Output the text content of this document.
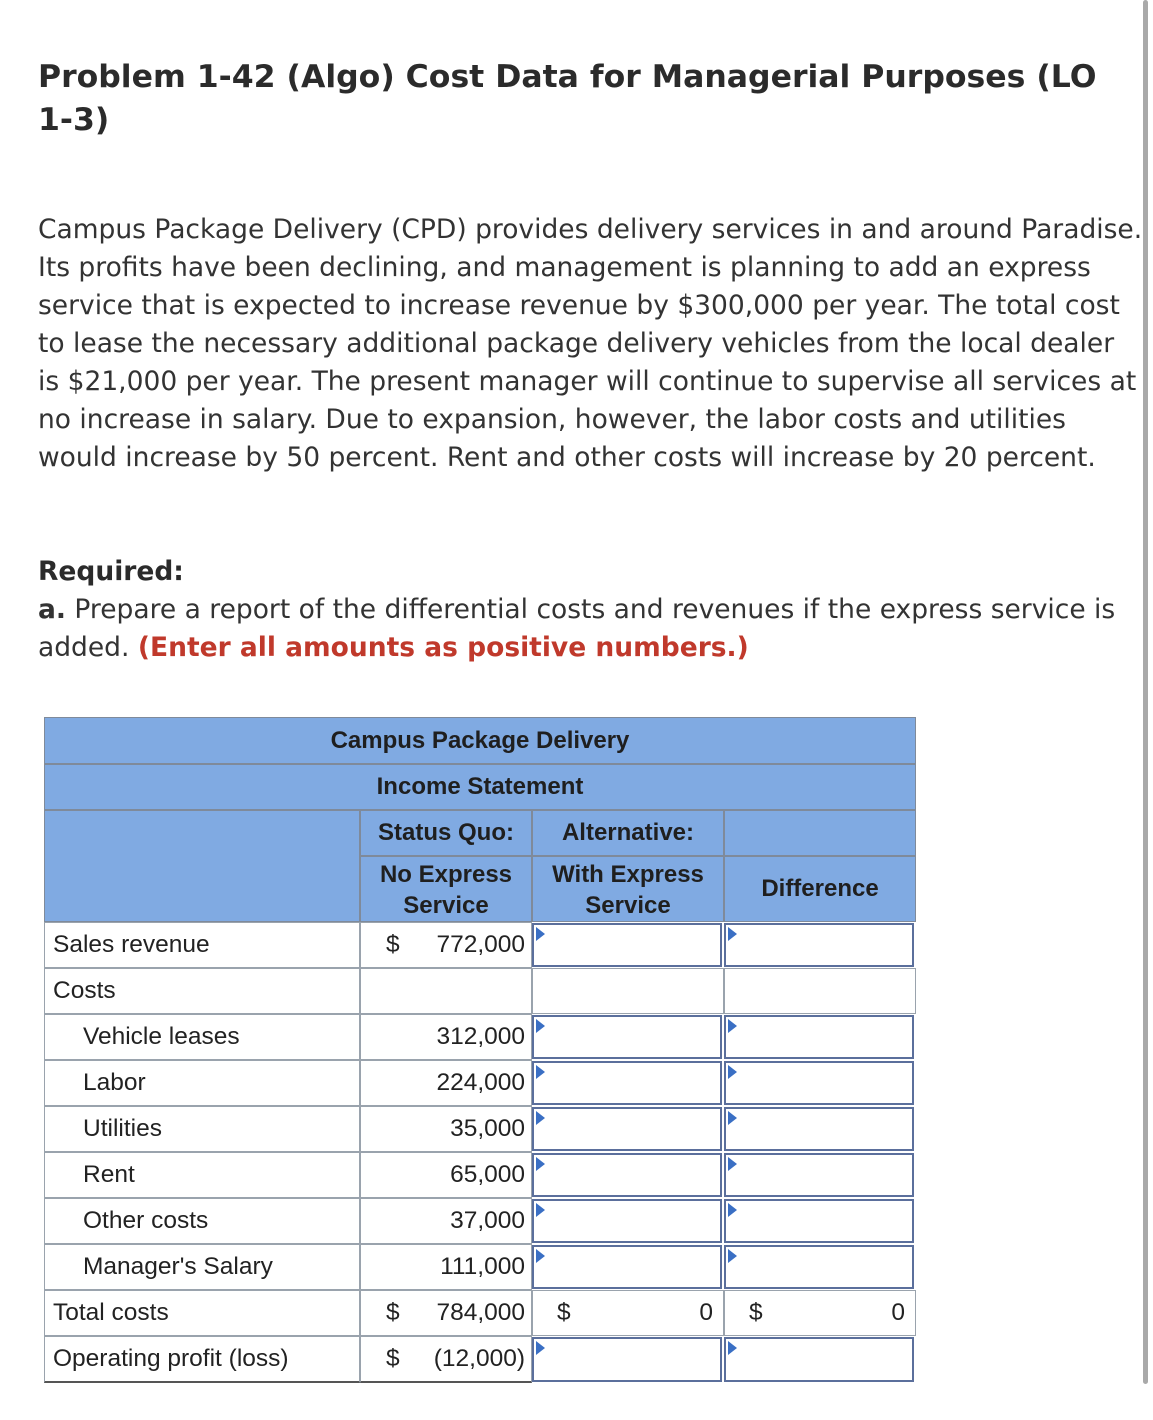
Problem 1-42 (Algo) Cost Data for Managerial Purposes (LO 1-3)

Campus Package Delivery (CPD) provides delivery services in and around Paradise. Its profits have been declining, and management is planning to add an express service that is expected to increase revenue by $300,000 per year. The total cost to lease the necessary additional package delivery vehicles from the local dealer is $21,000 per year. The present manager will continue to supervise all services at no increase in salary. Due to expansion, however, the labor costs and utilities would increase by 50 percent. Rent and other costs will increase by 20 percent.

Required:
a. Prepare a report of the differential costs and revenues if the express service is added. (Enter all amounts as positive numbers.)
Campus Package Delivery
Income Statement
Status Quo:
No Express Service
Alternative:
With Express Service
Difference
Sales revenue	$ 772,000
Costs
Vehicle leases	312,000
Labor	224,000
Utilities	35,000
Rent	65,000
Other costs	37,000
Manager's Salary	111,000
Total costs	$ 784,000 $	0 $	0
Operating profit (loss)	$ (12,000)
